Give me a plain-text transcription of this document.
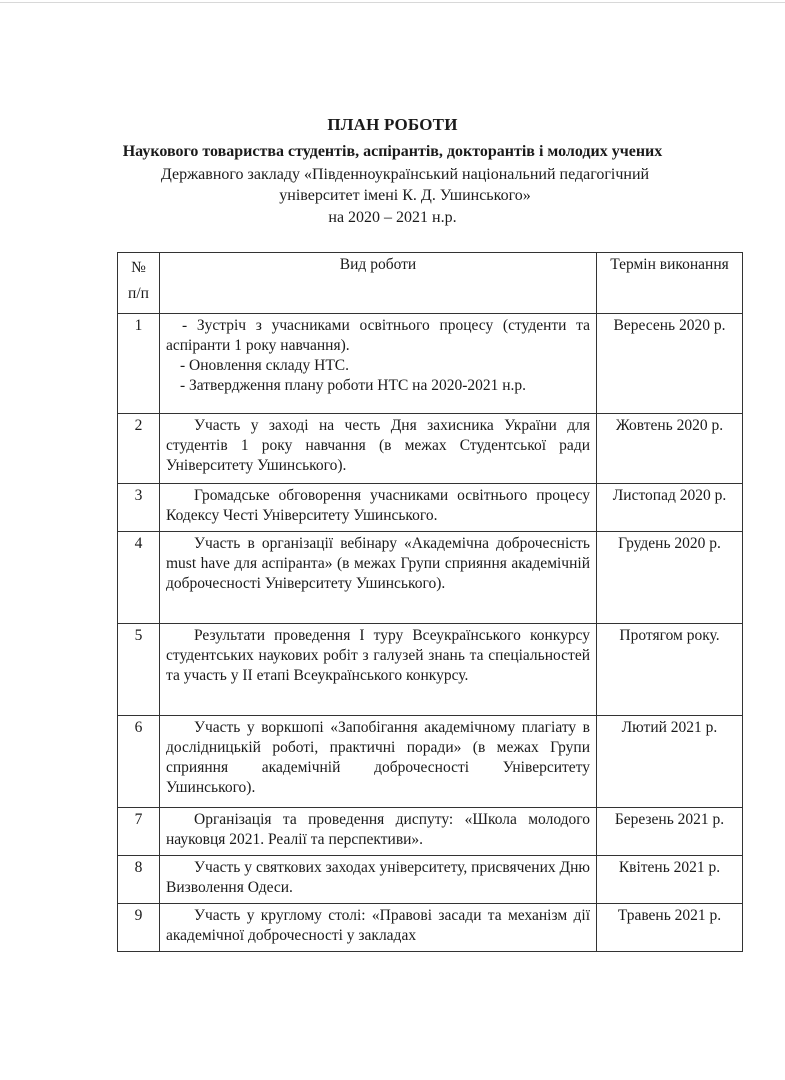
ПЛАН РОБОТИ
Наукового товариства студентів, аспірантів, докторантів і молодих учених
Державного закладу «Південноукраїнський національний педагогічний університет імені К. Д. Ушинського»
на 2020 – 2021 н.р.
№ п/п	Вид роботи	Термін виконання
1	- Зустріч з учасниками освітнього процесу (студенти та аспіранти 1 року навчання).
- Оновлення складу НТС.
- Затвердження плану роботи НТС на 2020-2021 н.р.	Вересень 2020 р.
2	Участь у заході на честь Дня захисника України для студентів 1 року навчання (в межах Студентської ради Університету Ушинського).	Жовтень 2020 р.
3	Громадське обговорення учасниками освітнього процесу Кодексу Честі Університету Ушинського.	Листопад 2020 р.
4	Участь в організації вебінару «Академічна доброчесність must have для аспіранта» (в межах Групи сприяння академічній доброчесності Університету Ушинського).	Грудень 2020 р.
5	Результати проведення І туру Всеукраїнського конкурсу студентських наукових робіт з галузей знань та спеціальностей та участь у ІІ етапі Всеукраїнського конкурсу.	Протягом року.
6	Участь у воркшопі «Запобігання академічному плагіату в дослідницькій роботі, практичні поради» (в межах Групи сприяння академічній доброчесності Університету Ушинського).	Лютий 2021 р.
7	Організація та проведення диспуту: «Школа молодого науковця 2021. Реалії та перспективи».	Березень 2021 р.
8	Участь у святкових заходах університету, присвячених Дню Визволення Одеси.	Квітень 2021 р.
9	Участь у круглому столі: «Правові засади та механізм дії академічної доброчесності у закладах	Травень 2021 р.
